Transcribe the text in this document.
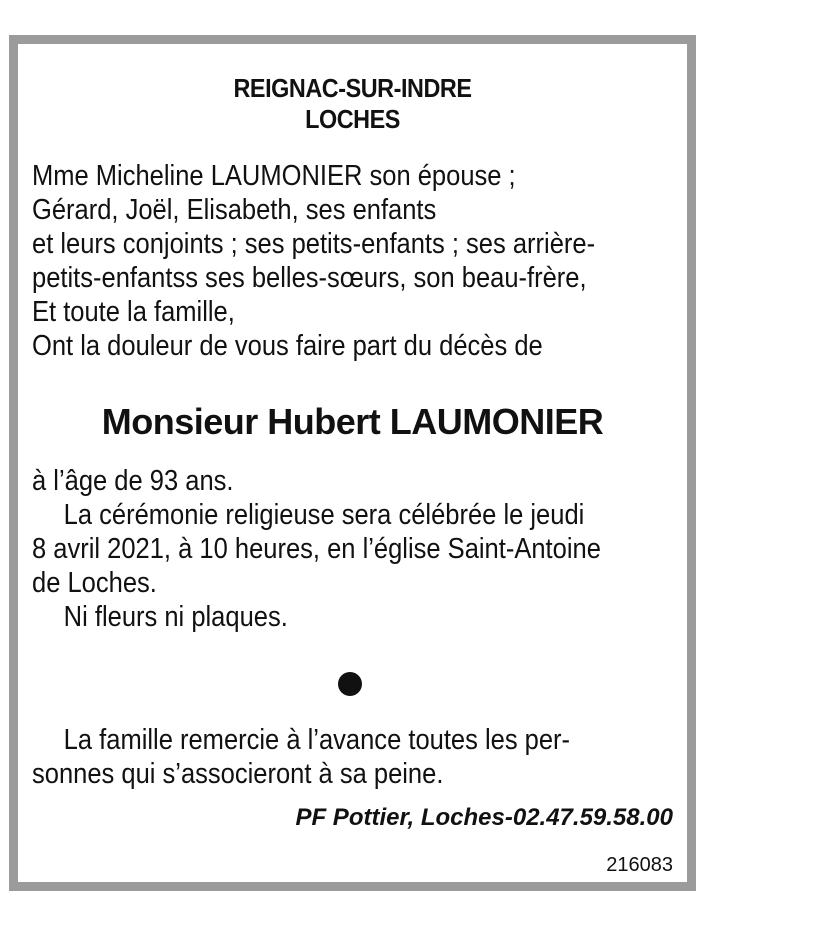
REIGNAC-SUR-INDRE
LOCHES
Mme Micheline LAUMONIER son épouse ;
Gérard, Joël, Elisabeth, ses enfants
et leurs conjoints ; ses petits-enfants ; ses arrière-
petits-enfantss ses belles-sœurs, son beau-frère,
Et toute la famille,
Ont la douleur de vous faire part du décès de
Monsieur Hubert LAUMONIER
à l’âge de 93 ans.
La cérémonie religieuse sera célébrée le jeudi
8 avril 2021, à 10 heures, en l’église Saint-Antoine
de Loches.
Ni fleurs ni plaques.
La famille remercie à l’avance toutes les per-
sonnes qui s’associeront à sa peine.
PF Pottier, Loches-02.47.59.58.00
216083
